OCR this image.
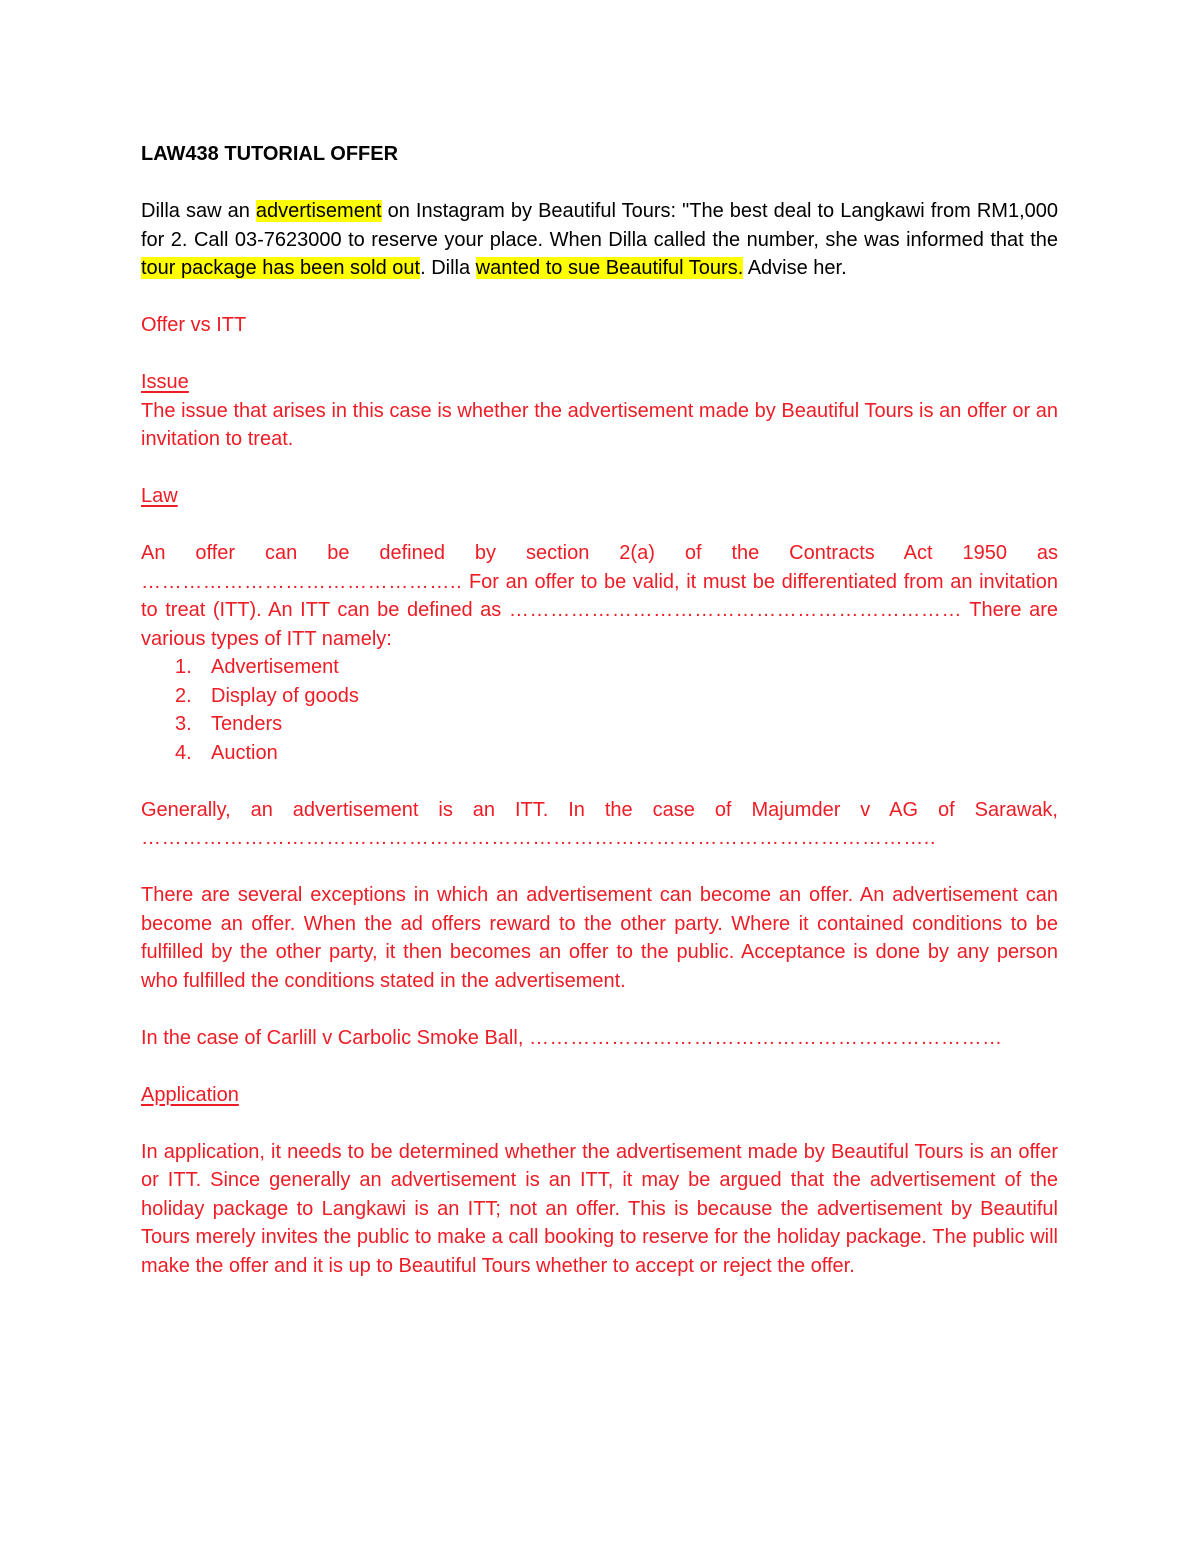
LAW438 TUTORIAL OFFER

Dilla saw an advertisement on Instagram by Beautiful Tours: "The best deal to Langkawi from RM1,000 for 2. Call 03-7623000 to reserve your place. When Dilla called the number, she was informed that the tour package has been sold out. Dilla wanted to sue Beautiful Tours. Advise her.

Offer vs ITT

Issue

The issue that arises in this case is whether the advertisement made by Beautiful Tours is an offer or an invitation to treat.

Law

An offer can be defined by section 2(a) of the Contracts Act 1950 as ……………………………………….. For an offer to be valid, it must be differentiated from an invitation to treat (ITT). An ITT can be defined as ………………………………………………………… There are various types of ITT namely:

1. Advertisement
2. Display of goods
3. Tenders
4. Auction

Generally, an advertisement is an ITT. In the case of Majumder v AG of Sarawak, ……………………………………………………………………………………………………..

There are several exceptions in which an advertisement can become an offer. An advertisement can become an offer. When the ad offers reward to the other party. Where it contained conditions to be fulfilled by the other party, it then becomes an offer to the public. Acceptance is done by any person who fulfilled the conditions stated in the advertisement.

In the case of Carlill v Carbolic Smoke Ball, ……………………………………………………………

Application

In application, it needs to be determined whether the advertisement made by Beautiful Tours is an offer or ITT. Since generally an advertisement is an ITT, it may be argued that the advertisement of the holiday package to Langkawi is an ITT; not an offer. This is because the advertisement by Beautiful Tours merely invites the public to make a call booking to reserve for the holiday package. The public will make the offer and it is up to Beautiful Tours whether to accept or reject the offer.
